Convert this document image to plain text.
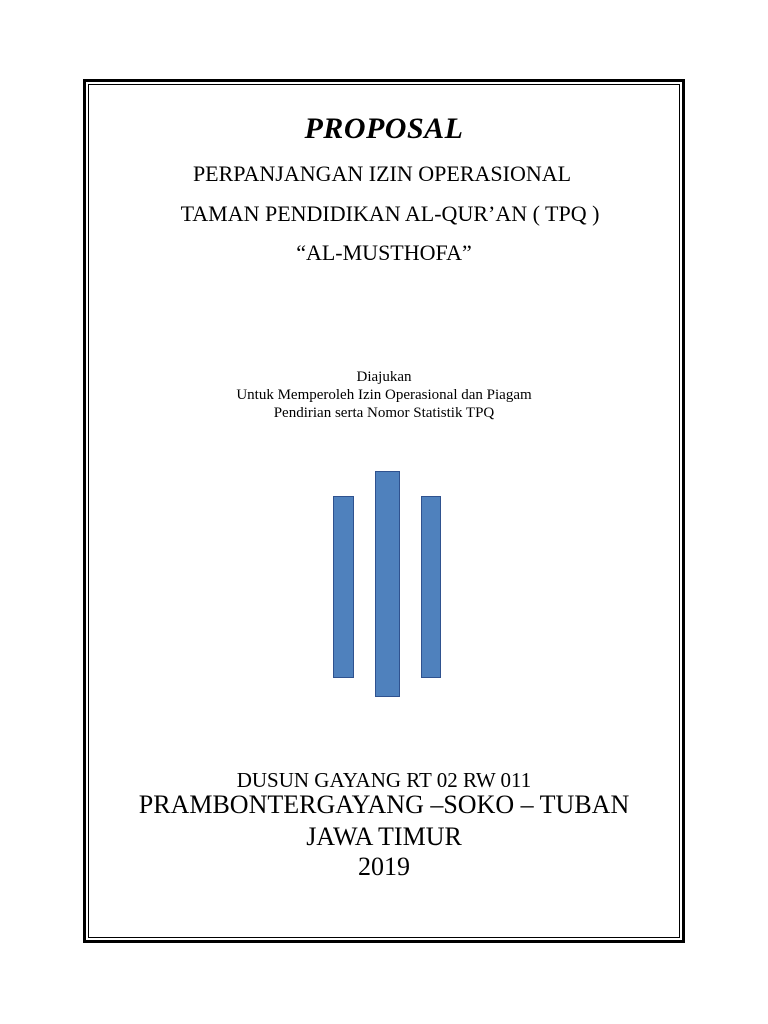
PROPOSAL
PERPANJANGAN IZIN OPERASIONAL
TAMAN PENDIDIKAN AL-QUR’AN ( TPQ )
“AL-MUSTHOFA”
Diajukan
Untuk Memperoleh Izin Operasional dan Piagam
Pendirian serta Nomor Statistik TPQ
DUSUN GAYANG RT 02 RW 011
PRAMBONTERGAYANG –SOKO – TUBAN
JAWA TIMUR
2019
